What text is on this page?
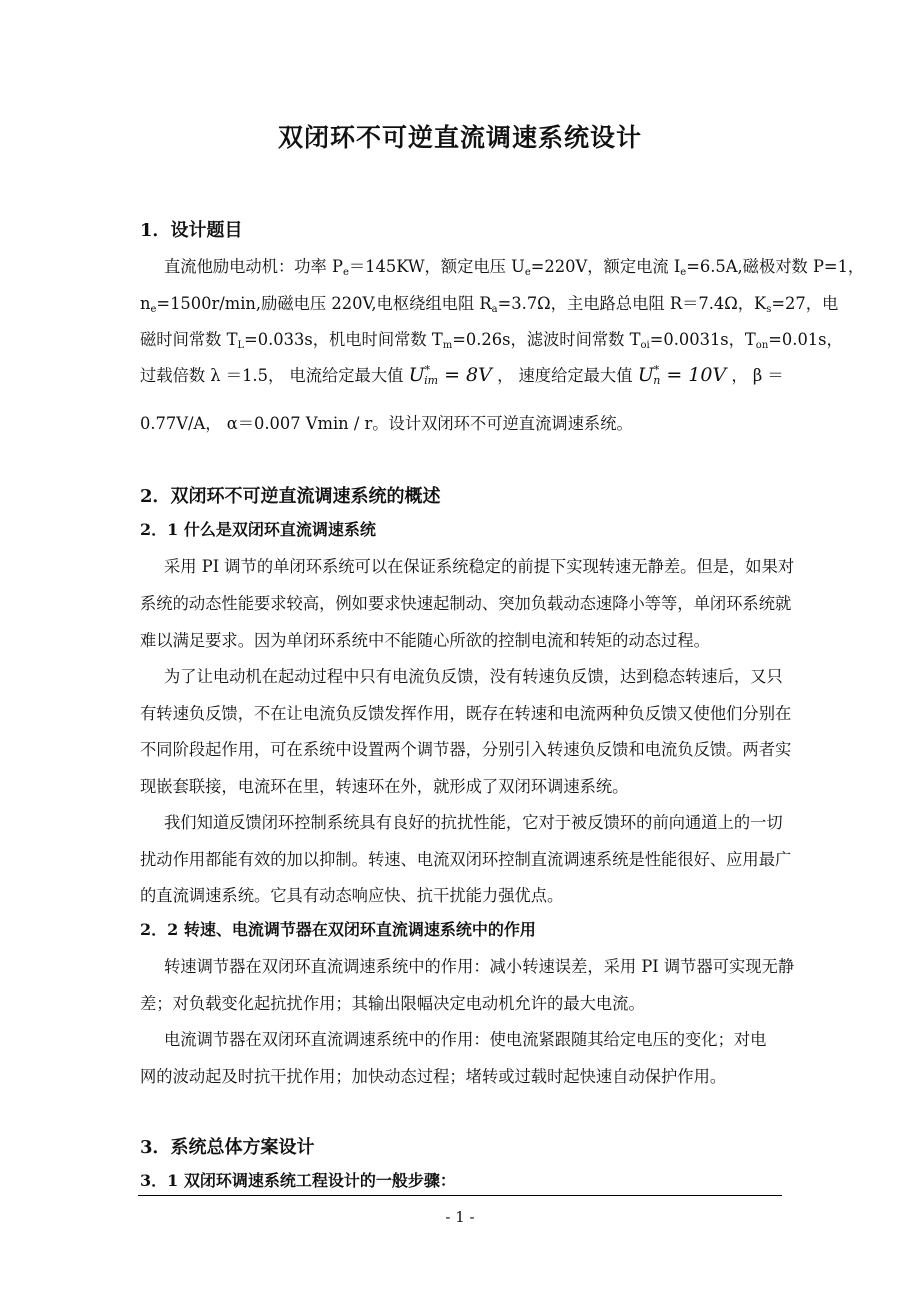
双闭环不可逆直流调速系统设计
1．设计题目
直流他励电动机：功率 $P_e=145KW$，额定电压 $U_e=220V$，额定电流 $I_e=6.5A$,磁极对数 P=1，
$n_e=1500r/\min$,励磁电压 220V,电枢绕组电阻 $R_a=3.7\Omega$，主电路总电阻 R＝7.4Ω，$K_s=27$，电
磁时间常数 $T_L=0.033s$，机电时间常数 $T_m=0.26s$，滤波时间常数 $T_{oi}=0.0031s$，$T_{on}=0.01s$，
过载倍数 λ ＝1.5， 电流给定最大值 $U^*_{im} = 8V$ ， 速度给定最大值 $U^*_n = 10V$ ， β ＝
0.77V/A， α＝0.007 Vmin / r。设计双闭环不可逆直流调速系统。
2．双闭环不可逆直流调速系统的概述
2．1 什么是双闭环直流调速系统
采用 PI 调节的单闭环系统可以在保证系统稳定的前提下实现转速无静差。但是，如果对
系统的动态性能要求较高，例如要求快速起制动、突加负载动态速降小等等，单闭环系统就
难以满足要求。因为单闭环系统中不能随心所欲的控制电流和转矩的动态过程。
为了让电动机在起动过程中只有电流负反馈，没有转速负反馈，达到稳态转速后，又只
有转速负反馈，不在让电流负反馈发挥作用，既存在转速和电流两种负反馈又使他们分别在
不同阶段起作用，可在系统中设置两个调节器，分别引入转速负反馈和电流负反馈。两者实
现嵌套联接，电流环在里，转速环在外，就形成了双闭环调速系统。
我们知道反馈闭环控制系统具有良好的抗扰性能，它对于被反馈环的前向通道上的一切
扰动作用都能有效的加以抑制。转速、电流双闭环控制直流调速系统是性能很好、应用最广
的直流调速系统。它具有动态响应快、抗干扰能力强优点。
2．2 转速、电流调节器在双闭环直流调速系统中的作用
转速调节器在双闭环直流调速系统中的作用：减小转速误差，采用 PI 调节器可实现无静
差；对负载变化起抗扰作用；其输出限幅决定电动机允许的最大电流。
电流调节器在双闭环直流调速系统中的作用：使电流紧跟随其给定电压的变化；对电
网的波动起及时抗干扰作用；加快动态过程；堵转或过载时起快速自动保护作用。
3．系统总体方案设计
3．1 双闭环调速系统工程设计的一般步骤：
- 1 -
